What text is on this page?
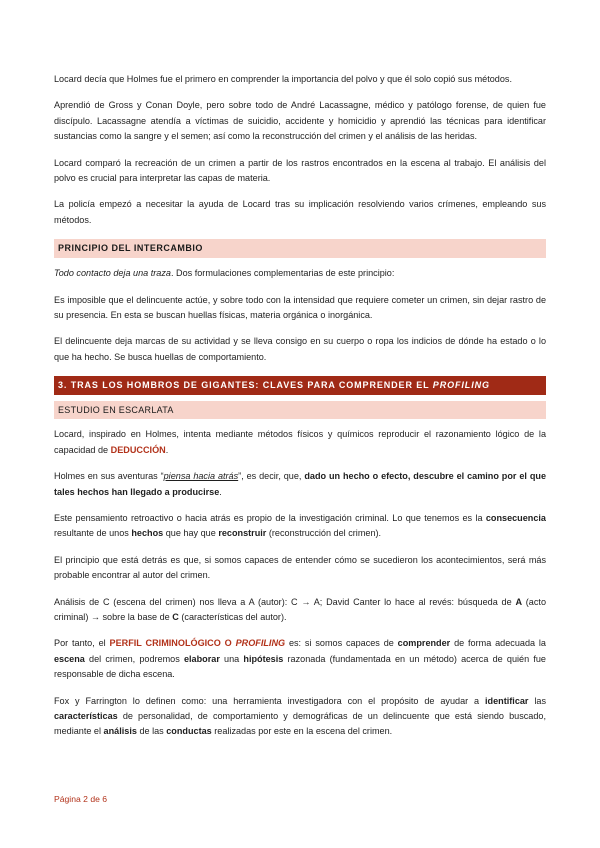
Locard decía que Holmes fue el primero en comprender la importancia del polvo y que él solo copió sus métodos.

Aprendió de Gross y Conan Doyle, pero sobre todo de André Lacassagne, médico y patólogo forense, de quien fue discípulo. Lacassagne atendía a víctimas de suicidio, accidente y homicidio y aprendió las técnicas para identificar sustancias como la sangre y el semen; así como la reconstrucción del crimen y el análisis de las heridas.

Locard comparó la recreación de un crimen a partir de los rastros encontrados en la escena al trabajo. El análisis del polvo es crucial para interpretar las capas de materia.

La policía empezó a necesitar la ayuda de Locard tras su implicación resolviendo varios crímenes, empleando sus métodos.

PRINCIPIO DEL INTERCAMBIO

Todo contacto deja una traza. Dos formulaciones complementarias de este principio:

Es imposible que el delincuente actúe, y sobre todo con la intensidad que requiere cometer un crimen, sin dejar rastro de su presencia. En esta se buscan huellas físicas, materia orgánica o inorgánica.

El delincuente deja marcas de su actividad y se lleva consigo en su cuerpo o ropa los indicios de dónde ha estado o lo que ha hecho. Se busca huellas de comportamiento.

3. TRAS LOS HOMBROS DE GIGANTES: CLAVES PARA COMPRENDER EL PROFILING
ESTUDIO EN ESCARLATA

Locard, inspirado en Holmes, intenta mediante métodos físicos y químicos reproducir el razonamiento lógico de la capacidad de DEDUCCIÓN.

Holmes en sus aventuras “piensa hacia atrás”, es decir, que, dado un hecho o efecto, descubre el camino por el que tales hechos han llegado a producirse.

Este pensamiento retroactivo o hacia atrás es propio de la investigación criminal. Lo que tenemos es la consecuencia resultante de unos hechos que hay que reconstruir (reconstrucción del crimen).

El principio que está detrás es que, si somos capaces de entender cómo se sucedieron los acontecimientos, será más probable encontrar al autor del crimen.

Análisis de C (escena del crimen) nos lleva a A (autor): C → A; David Canter lo hace al revés: búsqueda de A (acto criminal) → sobre la base de C (características del autor).

Por tanto, el PERFIL CRIMINOLÓGICO O PROFILING es: si somos capaces de comprender de forma adecuada la escena del crimen, podremos elaborar una hipótesis razonada (fundamentada en un método) acerca de quién fue responsable de dicha escena.

Fox y Farrington lo definen como: una herramienta investigadora con el propósito de ayudar a identificar las características de personalidad, de comportamiento y demográficas de un delincuente que está siendo buscado, mediante el análisis de las conductas realizadas por este en la escena del crimen.

Página 2 de 6
